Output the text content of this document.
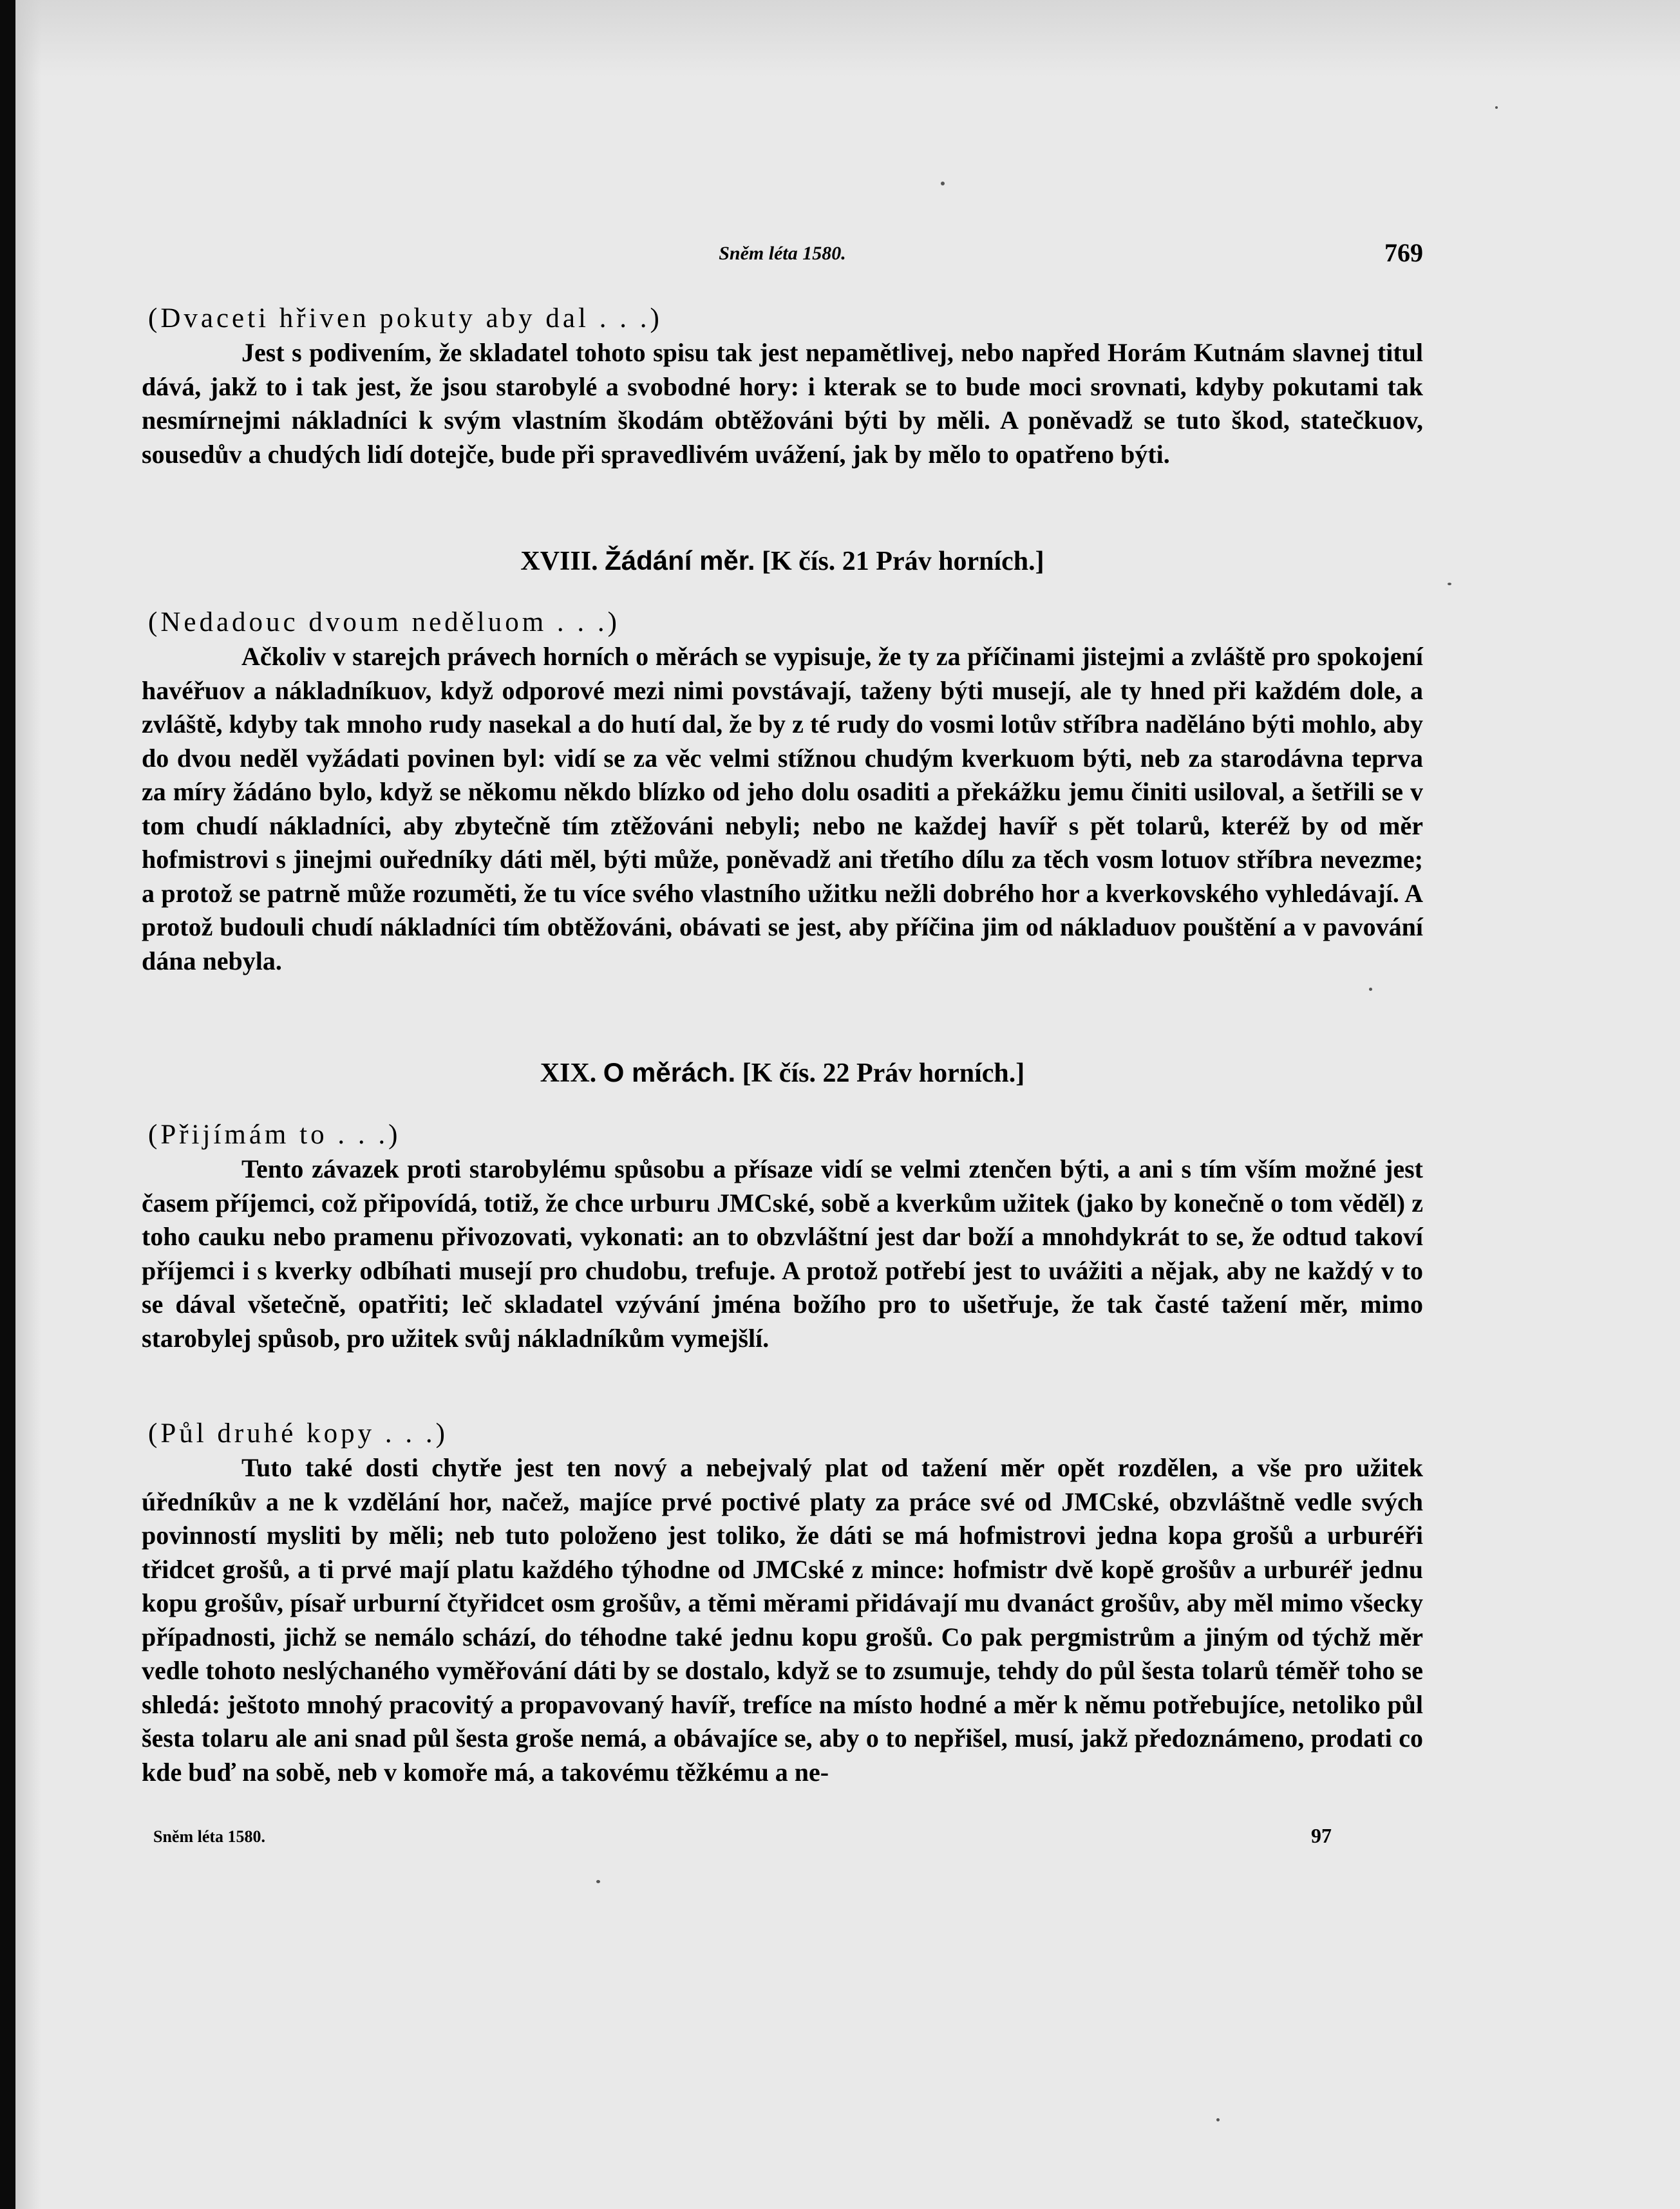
Sněm léta 1580.	769

(Dvaceti hřiven pokuty aby dal . . .)

Jest s podivením, že skladatel tohoto spisu tak jest nepamětlivej, nebo napřed Horám Kutnám slavnej titul dává, jakž to i tak jest, že jsou starobylé a svobodné hory: i kterak se to bude moci srovnati, kdyby pokutami tak nesmírnejmi nákladníci k svým vlastním škodám obtěžováni býti by měli. A poněvadž se tuto škod, statečkuov, sousedův a chudých lidí dotejče, bude při spravedlivém uvážení, jak by mělo to opatřeno býti.

XVIII. Žádání měr. [K čís. 21 Práv horních.]

(Nedadouc dvoum neděluom . . .)

Ačkoliv v starejch právech horních o měrách se vypisuje, že ty za příčinami jistejmi a zvláště pro spokojení havéřuov a nákladníkuov, když odporové mezi nimi povstávají, taženy býti musejí, ale ty hned při každém dole, a zvláště, kdyby tak mnoho rudy nasekal a do hutí dal, že by z té rudy do vosmi lotův stříbra naděláno býti mohlo, aby do dvou neděl vyžádati povinen byl: vidí se za věc velmi stížnou chudým kverkuom býti, neb za starodávna teprva za míry žádáno bylo, když se někomu někdo blízko od jeho dolu osaditi a překážku jemu činiti usiloval, a šetřili se v tom chudí nákladníci, aby zbytečně tím ztěžováni nebyli; nebo ne každej havíř s pět tolarů, kteréž by od měr hofmistrovi s jinejmi ouředníky dáti měl, býti může, poněvadž ani třetího dílu za těch vosm lotuov stříbra nevezme; a protož se patrně může rozuměti, že tu více svého vlastního užitku nežli dobrého hor a kverkovského vyhledávají. A protož budouli chudí nákladníci tím obtěžováni, obávati se jest, aby příčina jim od nákladuov pouštění a v pavování dána nebyla.

XIX. O měrách. [K čís. 22 Práv horních.]

(Přijímám to . . .)

Tento závazek proti starobylému spůsobu a přísaze vidí se velmi ztenčen býti, a ani s tím vším možné jest časem příjemci, což připovídá, totiž, že chce urburu JMCské, sobě a kverkům užitek (jako by konečně o tom věděl) z toho cauku nebo pramenu přivozovati, vykonati: an to obzvláštní jest dar boží a mnohdykrát to se, že odtud takoví příjemci i s kverky odbíhati musejí pro chudobu, trefuje. A protož potřebí jest to uvážiti a nějak, aby ne každý v to se dával všetečně, opatřiti; leč skladatel vzývání jména božího pro to ušetřuje, že tak časté tažení měr, mimo starobylej spůsob, pro užitek svůj nákladníkům vymejšlí.

(Půl druhé kopy . . .)

Tuto také dosti chytře jest ten nový a nebejvalý plat od tažení měr opět rozdělen, a vše pro užitek úředníkův a ne k vzdělání hor, načež, majíce prvé poctivé platy za práce své od JMCské, obzvláštně vedle svých povinností mysliti by měli; neb tuto položeno jest toliko, že dáti se má hofmistrovi jedna kopa grošů a urburéři třidcet grošů, a ti prvé mají platu každého týhodne od JMCské z mince: hofmistr dvě kopě grošův a urburéř jednu kopu grošův, písař urburní čtyřidcet osm grošův, a těmi měrami přidávají mu dvanáct grošův, aby měl mimo všecky případnosti, jichž se nemálo schází, do téhodne také jednu kopu grošů. Co pak pergmistrům a jiným od týchž měr vedle tohoto neslýchaného vyměřování dáti by se dostalo, když se to zsumuje, tehdy do půl šesta tolarů téměř toho se shledá: ještoto mnohý pracovitý a propavovaný havíř, trefíce na místo hodné a měr k němu potřebujíce, netoliko půl šesta tolaru ale ani snad půl šesta groše nemá, a obávajíce se, aby o to nepřišel, musí, jakž předoznámeno, prodati co kde buď na sobě, neb v komoře má, a takovému těžkému a ne-

Sněm léta 1580.	97
